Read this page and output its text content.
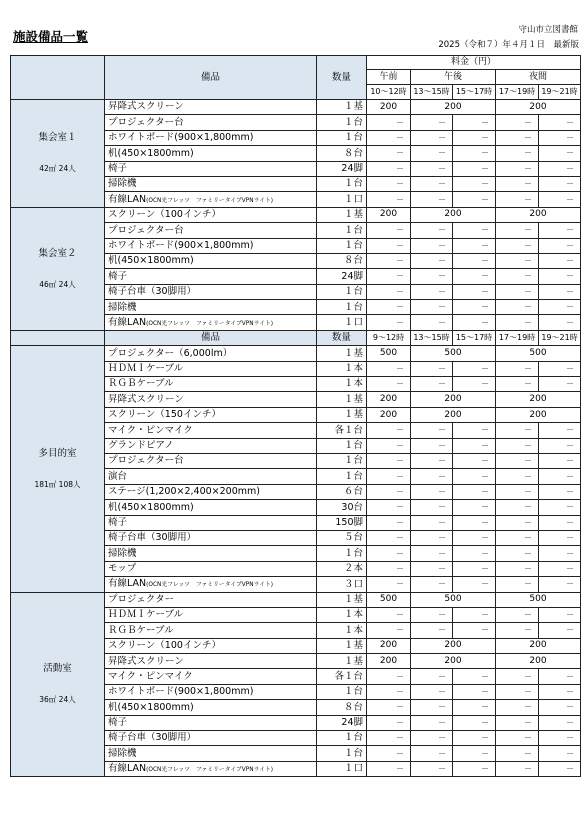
施設備品一覧	守山市立図書館
2025（令和７）年４月１日　最新版
	備品	数量	料金（円）				
			午前	午後		夜間	
			10～12時	13～15時	15～17時	17～19時	19～21時

集会室１
42㎡ 24人	昇降式スクリーン	１基	200	200		200	
	プロジェクター台	１台	－	－	－	－	－
	ホワイトボード(900×1,800mm)	１台	－	－	－	－	－
	机(450×1800mm)	８台	－	－	－	－	－
	椅子	24脚	－	－	－	－	－
	掃除機	１台	－	－	－	－	－
	有線LAN(OCN光フレッツ　ファミリータイプVPNライト)	１口	－	－	－	－	－

集会室２
46㎡ 24人	スクリーン（100インチ）	１基	200	200		200	
	プロジェクター台	１台	－	－	－	－	－
	ホワイトボード(900×1,800mm)	１台	－	－	－	－	－
	机(450×1800mm)	８台	－	－	－	－	－
	椅子	24脚	－	－	－	－	－
	椅子台車（30脚用）	１台	－	－	－	－	－
	掃除機	１台	－	－	－	－	－
	有線LAN(OCN光フレッツ　ファミリータイプVPNライト)	１口	－	－	－	－	－
	備品	数量	9～12時	13～15時	15～17時	17～19時	19～21時

多目的室
181㎡ 108人	プロジェクター（6,000lm）	１基	500	500		500	
	ＨＤＭＩケーブル	１本	－	－	－	－	－
	ＲＧＢケーブル	１本	－	－	－	－	－
	昇降式スクリーン	１基	200	200		200	
	スクリーン（150インチ）	１基	200	200		200	
	マイク・ピンマイク	各１台	－	－	－	－	－
	グランドピアノ	１台	－	－	－	－	－
	プロジェクター台	１台	－	－	－	－	－
	演台	１台	－	－	－	－	－
	ステージ(1,200×2,400×200mm)	６台	－	－	－	－	－
	机(450×1800mm)	30台	－	－	－	－	－
	椅子	150脚	－	－	－	－	－
	椅子台車（30脚用）	５台	－	－	－	－	－
	掃除機	１台	－	－	－	－	－
	モップ	２本	－	－	－	－	－
	有線LAN(OCN光フレッツ　ファミリータイプVPNライト)	３口	－	－	－	－	－

活動室
36㎡ 24人	プロジェクター	１基	500	500		500	
	ＨＤＭＩケーブル	１本	－	－	－	－	－
	ＲＧＢケーブル	１本	－	－	－	－	－
	スクリーン（100インチ）	１基	200	200		200	
	昇降式スクリーン	１基	200	200		200	
	マイク・ピンマイク	各１台	－	－	－	－	－
	ホワイトボード(900×1,800mm)	１台	－	－	－	－	－
	机(450×1800mm)	８台	－	－	－	－	－
	椅子	24脚	－	－	－	－	－
	椅子台車（30脚用）	１台	－	－	－	－	－
	掃除機	１台	－	－	－	－	－
	有線LAN(OCN光フレッツ　ファミリータイプVPNライト)	１口	－	－	－	－	－
